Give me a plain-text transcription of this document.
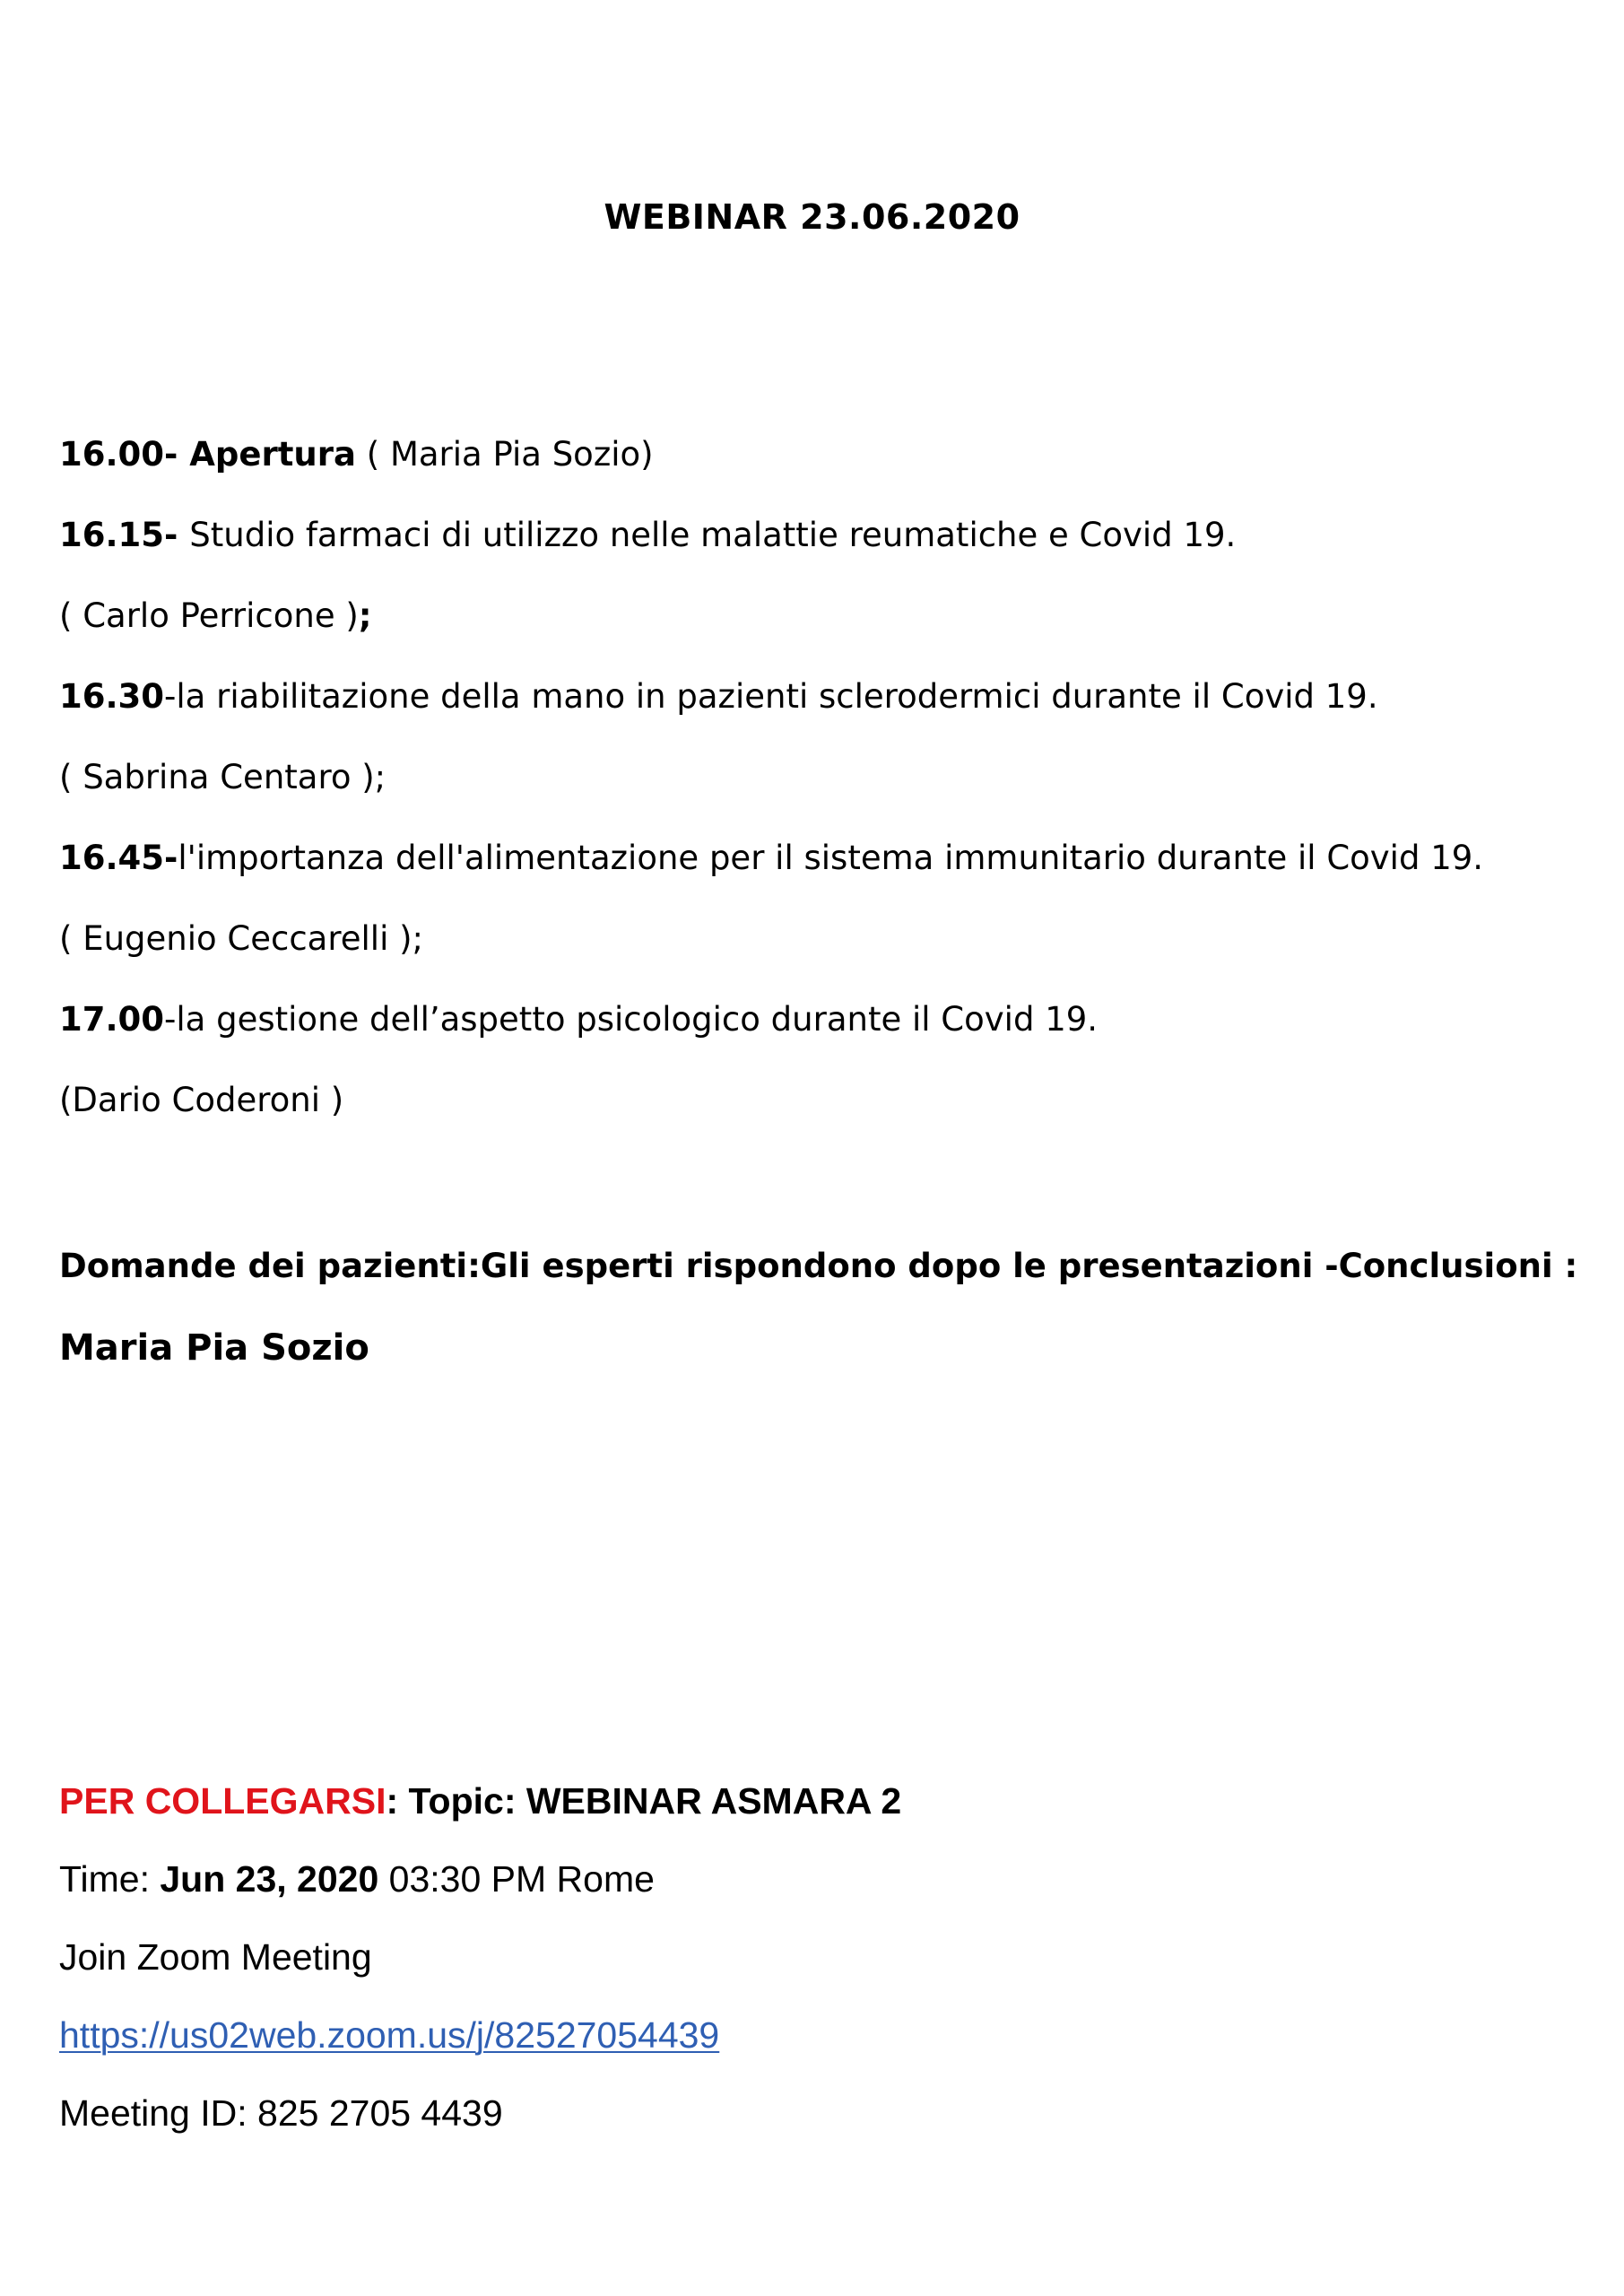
WEBINAR 23.06.2020
16.00- Apertura ( Maria Pia Sozio)
16.15- Studio farmaci di utilizzo nelle malattie reumatiche e Covid 19.
( Carlo Perricone );
16.30-la riabilitazione della mano in pazienti sclerodermici durante il Covid 19.
( Sabrina Centaro );
16.45-l'importanza dell'alimentazione per il sistema immunitario durante il Covid 19.
( Eugenio Ceccarelli );
17.00-la gestione dell’aspetto psicologico durante il Covid 19.
(Dario Coderoni )
Domande dei pazienti:Gli esperti rispondono dopo le presentazioni -Conclusioni :
Maria Pia Sozio
PER COLLEGARSI: Topic: WEBINAR ASMARA 2
Time: Jun 23, 2020 03:30 PM Rome
Join Zoom Meeting
https://us02web.zoom.us/j/82527054439
Meeting ID: 825 2705 4439
